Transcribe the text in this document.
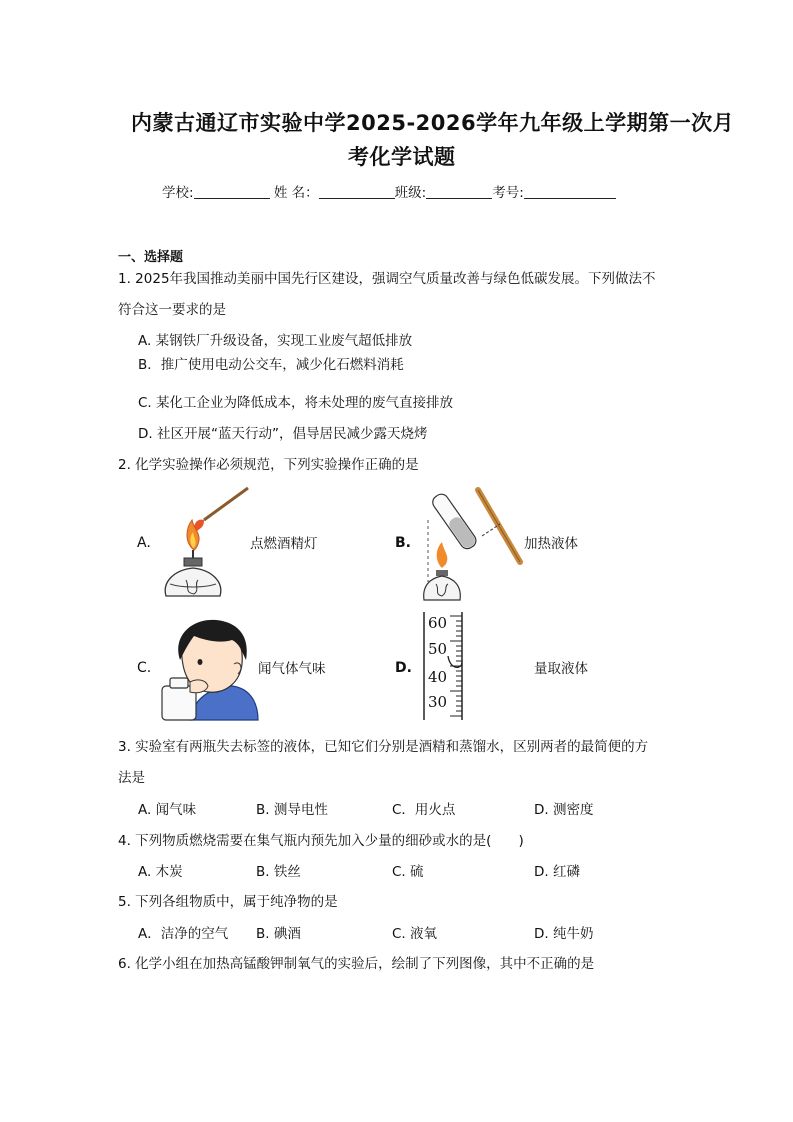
内蒙古通辽市实验中学2025-2026学年九年级上学期第一次月
考化学试题
学校:	姓 名：	班级:	考号:
一、选择题
1. 2025年我国推动美丽中国先行区建设，强调空气质量改善与绿色低碳发展。下列做法不
符合这一要求的是
A. 某钢铁厂升级设备，实现工业废气超低排放
B．推广使用电动公交车，减少化石燃料消耗
C. 某化工企业为降低成本，将未处理的废气直接排放
D. 社区开展“蓝天行动”，倡导居民减少露天烧烤
2. 化学实验操作必须规范，下列实验操作正确的是
A.	点燃酒精灯	B.	加热液体
C.	闻气体气味	D.
60
50
40
30
量取液体
3. 实验室有两瓶失去标签的液体，已知它们分别是酒精和蒸馏水，区别两者的最简便的方
法是
A. 闻气味	B. 测导电性	C．用火点	D. 测密度
4. 下列物质燃烧需要在集气瓶内预先加入少量的细砂或水的是(　　)
A. 木炭	B. 铁丝	C. 硫	D. 红磷
5. 下列各组物质中，属于纯净物的是
A．洁净的空气 B. 碘酒	C. 液氧	D. 纯牛奶
6. 化学小组在加热高锰酸钾制氧气的实验后，绘制了下列图像，其中不正确的是
